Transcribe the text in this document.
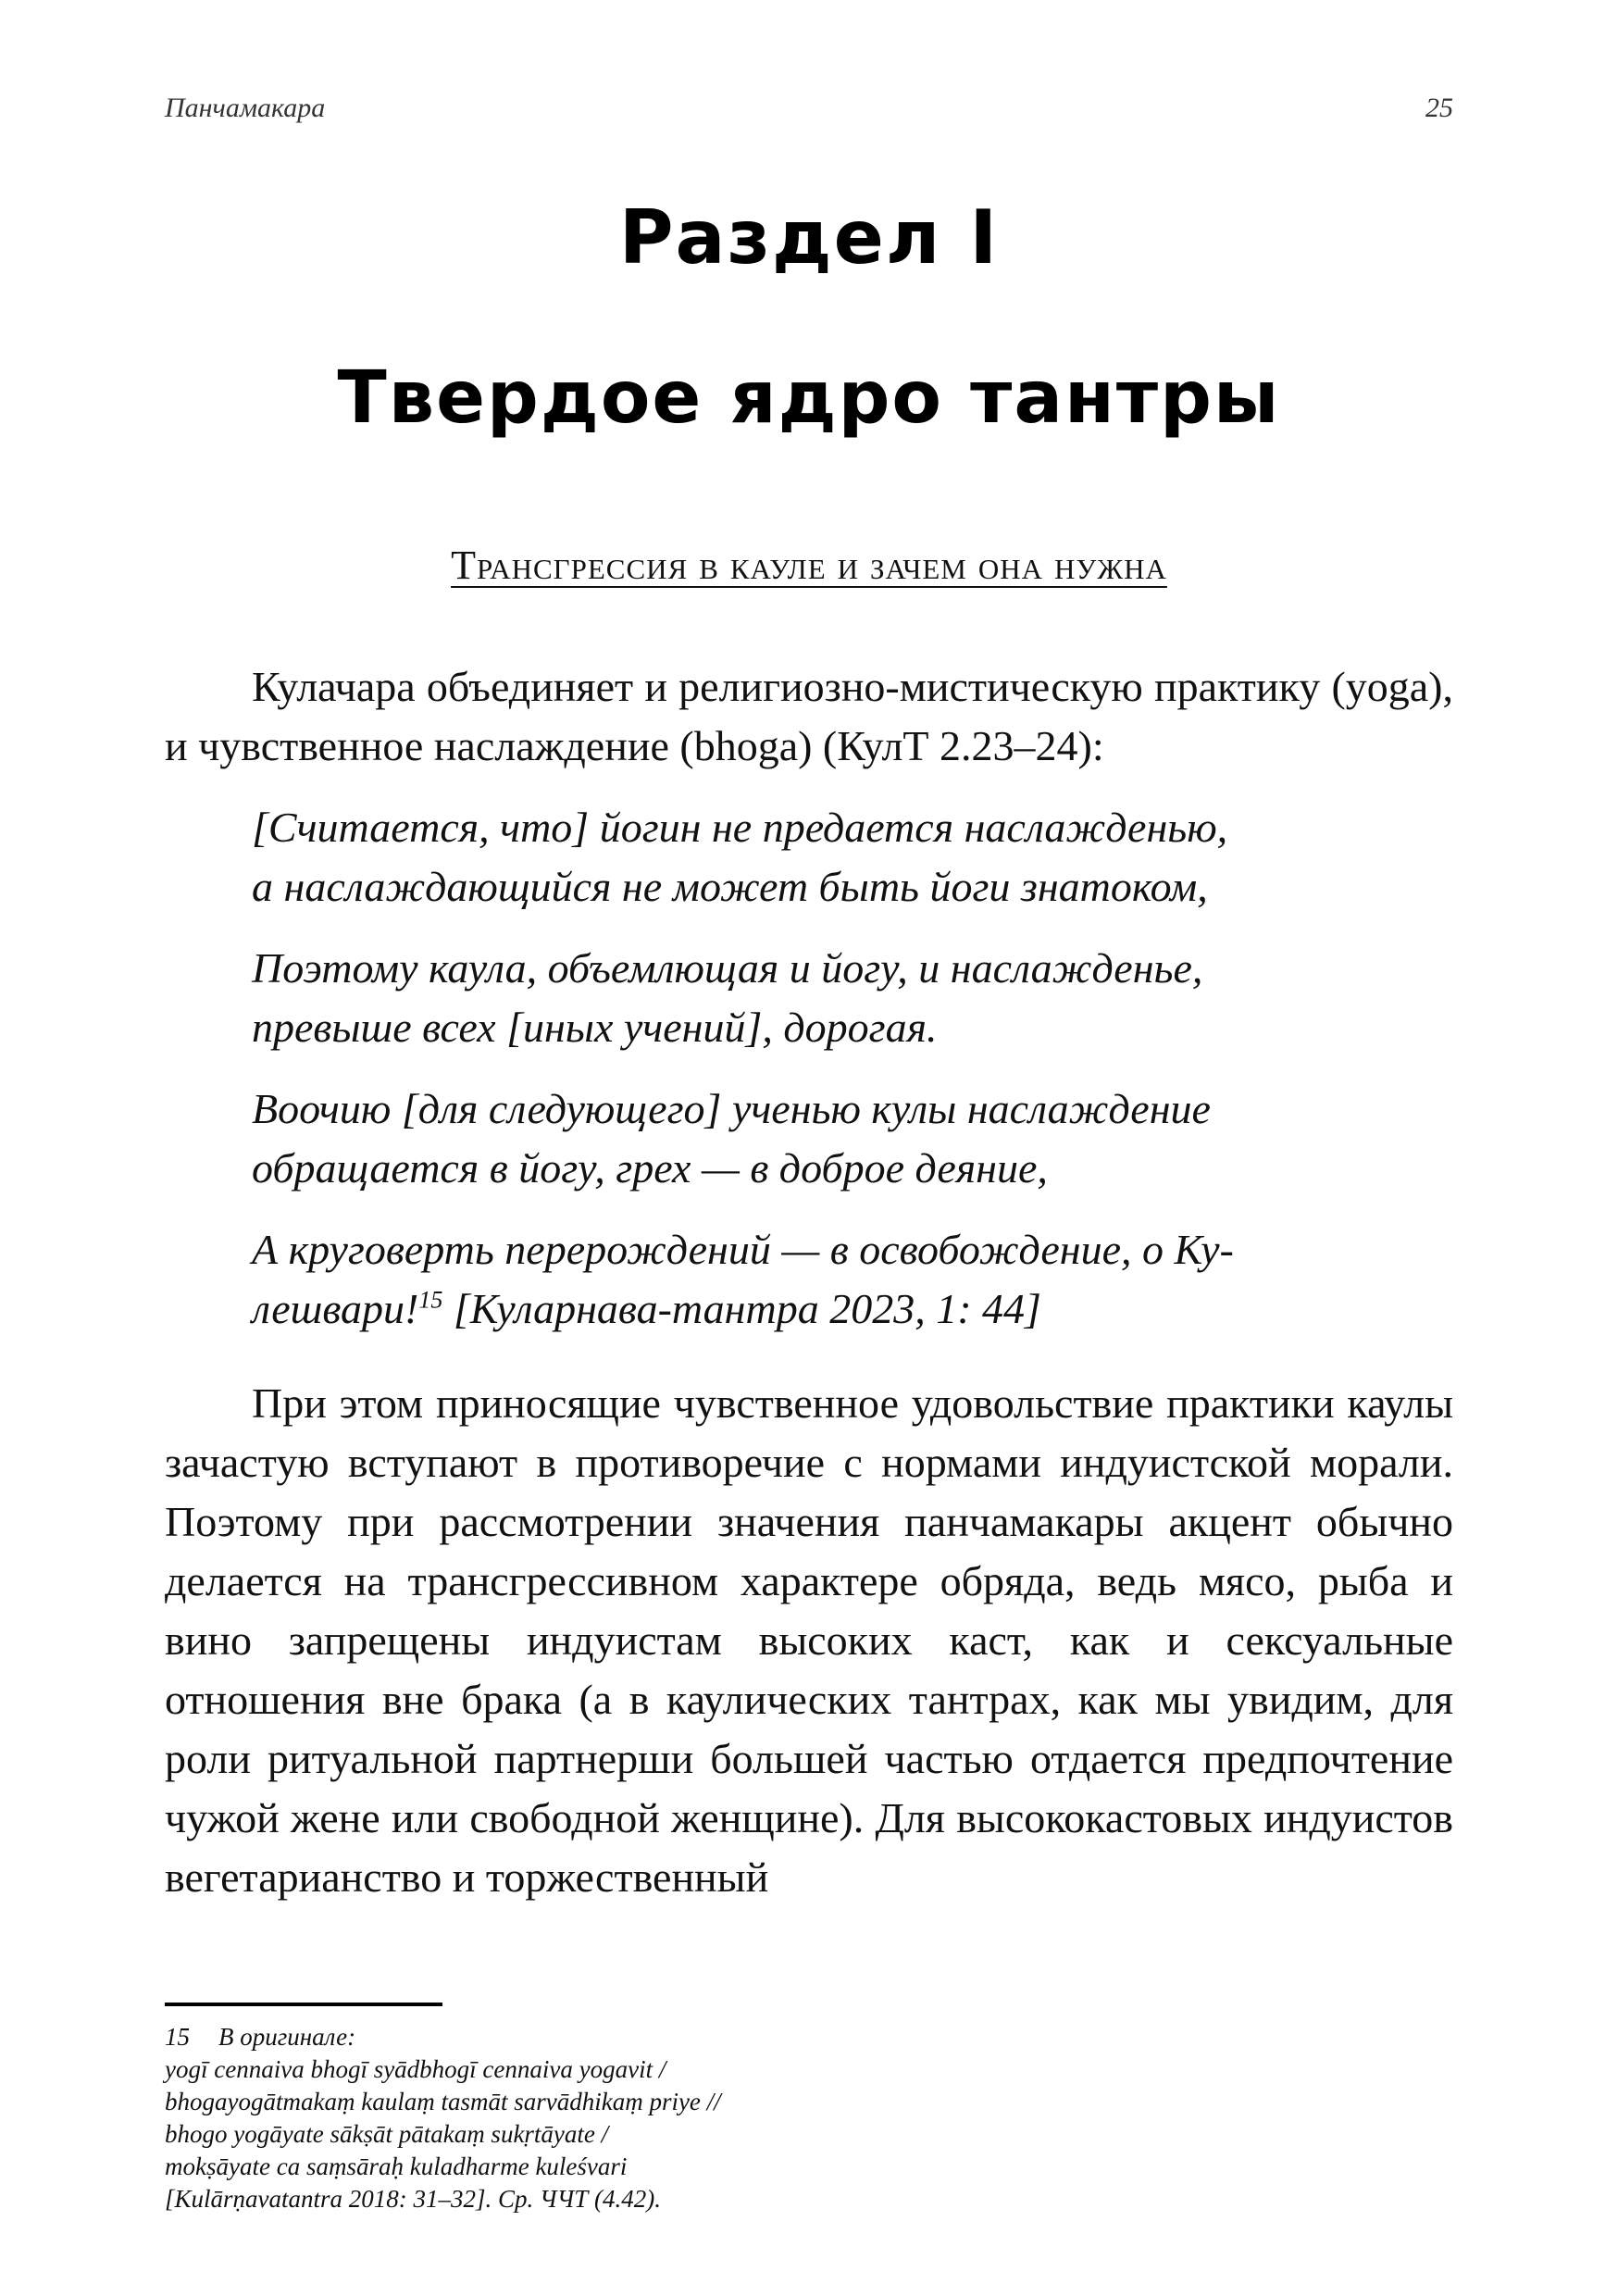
Панчамакара	25
Раздел I
Твердое ядро тантры
Трансгрессия в кауле и зачем она нужна

Кулачара объединяет и религиозно-мистическую практику (yoga), и чувственное наслаждение (bhoga) (КулТ 2.23–24):

[Считается, что] йогин не предается наслажденью,
а наслаждающийся не может быть йоги знатоком,
Поэтому каула, объемлющая и йогу, и наслажденье,
превыше всех [иных учений], дорогая.
Воочию [для следующего] ученью кулы наслаждение
обращается в йогу, грех — в доброе деяние,
А круговерть перерождений — в освобождение, о Ку-
лешвари!$^{15}$ [Куларнава-тантра 2023, 1: 44]

При этом приносящие чувственное удовольствие практики каулы зачастую вступают в противоречие с нормами индуистской морали. Поэтому при рассмотрении значения панчамакары акцент обычно делается на трансгрессивном характере обряда, ведь мясо, рыба и вино запрещены индуистам высоких каст, как и сексуальные отношения вне брака (а в каулических тантрах, как мы увидим, для роли ритуальной партнерши большей частью отдается предпочтение чужой жене или свободной женщине). Для высококастовых индуистов вегетарианство и торжественный

15 В оригинале:
yogī cennaiva bhogī syādbhogī cennaiva yogavit /
bhogayogātmakaṃ kaulaṃ tasmāt sarvādhikaṃ priye //
bhogo yogāyate sākṣāt pātakaṃ sukṛtāyate /
mokṣāyate ca saṃsāraḥ kuladharme kuleśvari
[Kulārṇavatantra 2018: 31–32]. Ср. ЧЧТ (4.42).
